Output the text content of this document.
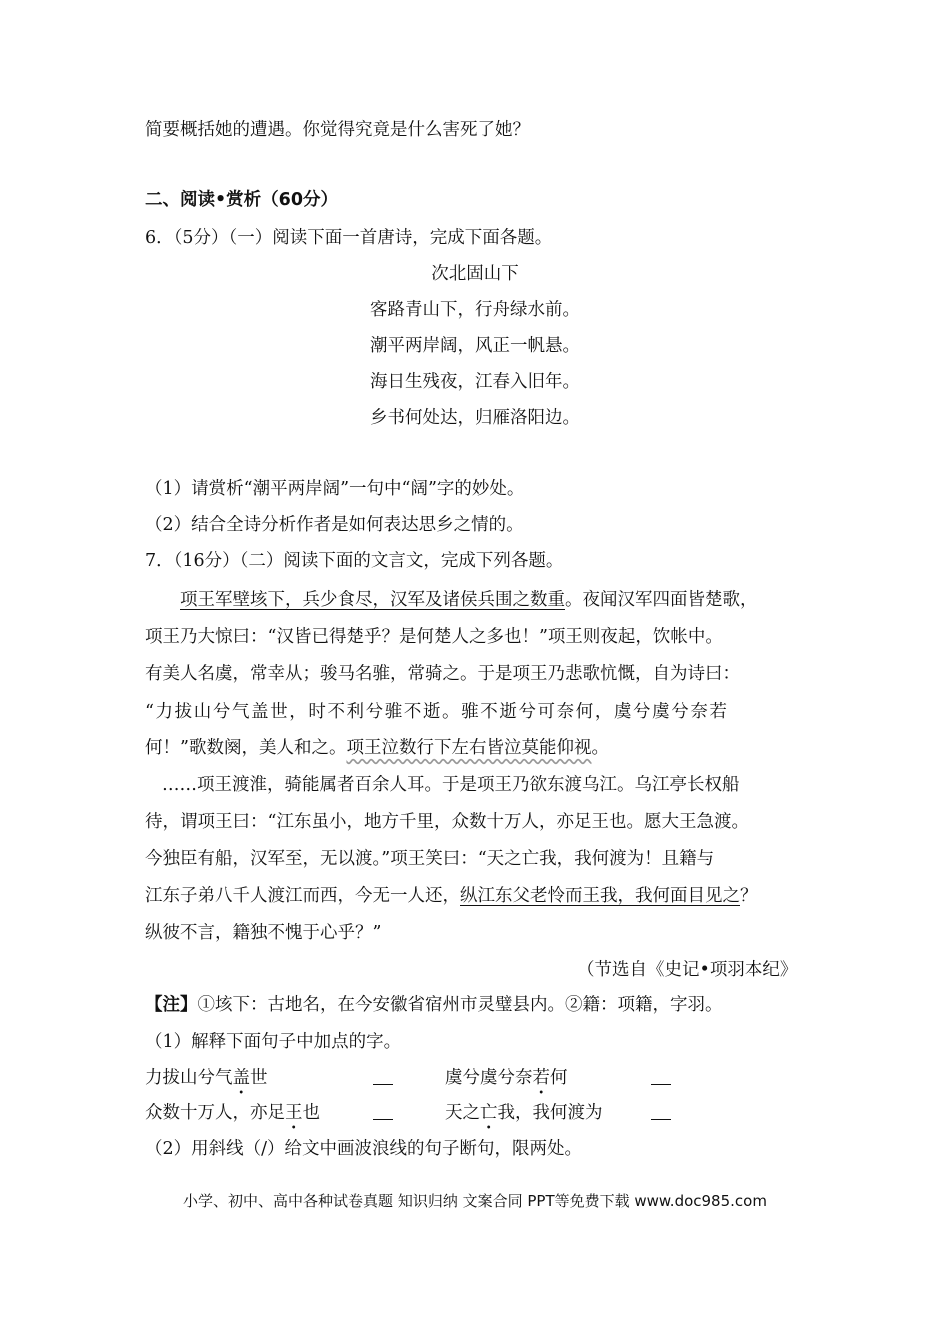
简要概括她的遭遇。你觉得究竟是什么害死了她？
二、阅读•赏析（60分）
6．（5分）（一）阅读下面一首唐诗，完成下面各题。
次北固山下
客路青山下，行舟绿水前。
潮平两岸阔，风正一帆悬。
海日生残夜，江春入旧年。
乡书何处达，归雁洛阳边。
（1）请赏析“潮平两岸阔”一句中“阔”字的妙处。
（2）结合全诗分析作者是如何表达思乡之情的。
7．（16分）（二）阅读下面的文言文，完成下列各题。
项王军壁垓下，兵少食尽，汉军及诸侯兵围之数重。夜闻汉军四面皆楚歌，
项王乃大惊曰：“汉皆已得楚乎？是何楚人之多也！”项王则夜起，饮帐中。
有美人名虞，常幸从；骏马名骓，常骑之。于是项王乃悲歌忼慨，自为诗曰：
“力拔山兮气盖世，时不利兮骓不逝。骓不逝兮可奈何，虞兮虞兮奈若
何！”歌数阕，美人和之。项王泣数行下左右皆泣莫能仰视。
……项王渡淮，骑能属者百余人耳。于是项王乃欲东渡乌江。乌江亭长权船
待，谓项王曰：“江东虽小，地方千里，众数十万人，亦足王也。愿大王急渡。
今独臣有船，汉军至，无以渡。”项王笑曰：“天之亡我，我何渡为！且籍与
江东子弟八千人渡江而西，今无一人还，纵江东父老怜而王我，我何面目见之？
纵彼不言，籍独不愧于心乎？”
（节选自《史记•项羽本纪》
【注】①垓下：古地名，在今安徽省宿州市灵璧县内。②籍：项籍，字羽。
（1）解释下面句子中加点的字。
力拔山兮气盖世	虞兮虞兮奈若何
众数十万人，亦足王也	天之亡我，我何渡为
（2）用斜线（/）给文中画波浪线的句子断句，限两处。
小学、初中、高中各种试卷真题 知识归纳 文案合同 PPT等免费下载 www.doc985.com
